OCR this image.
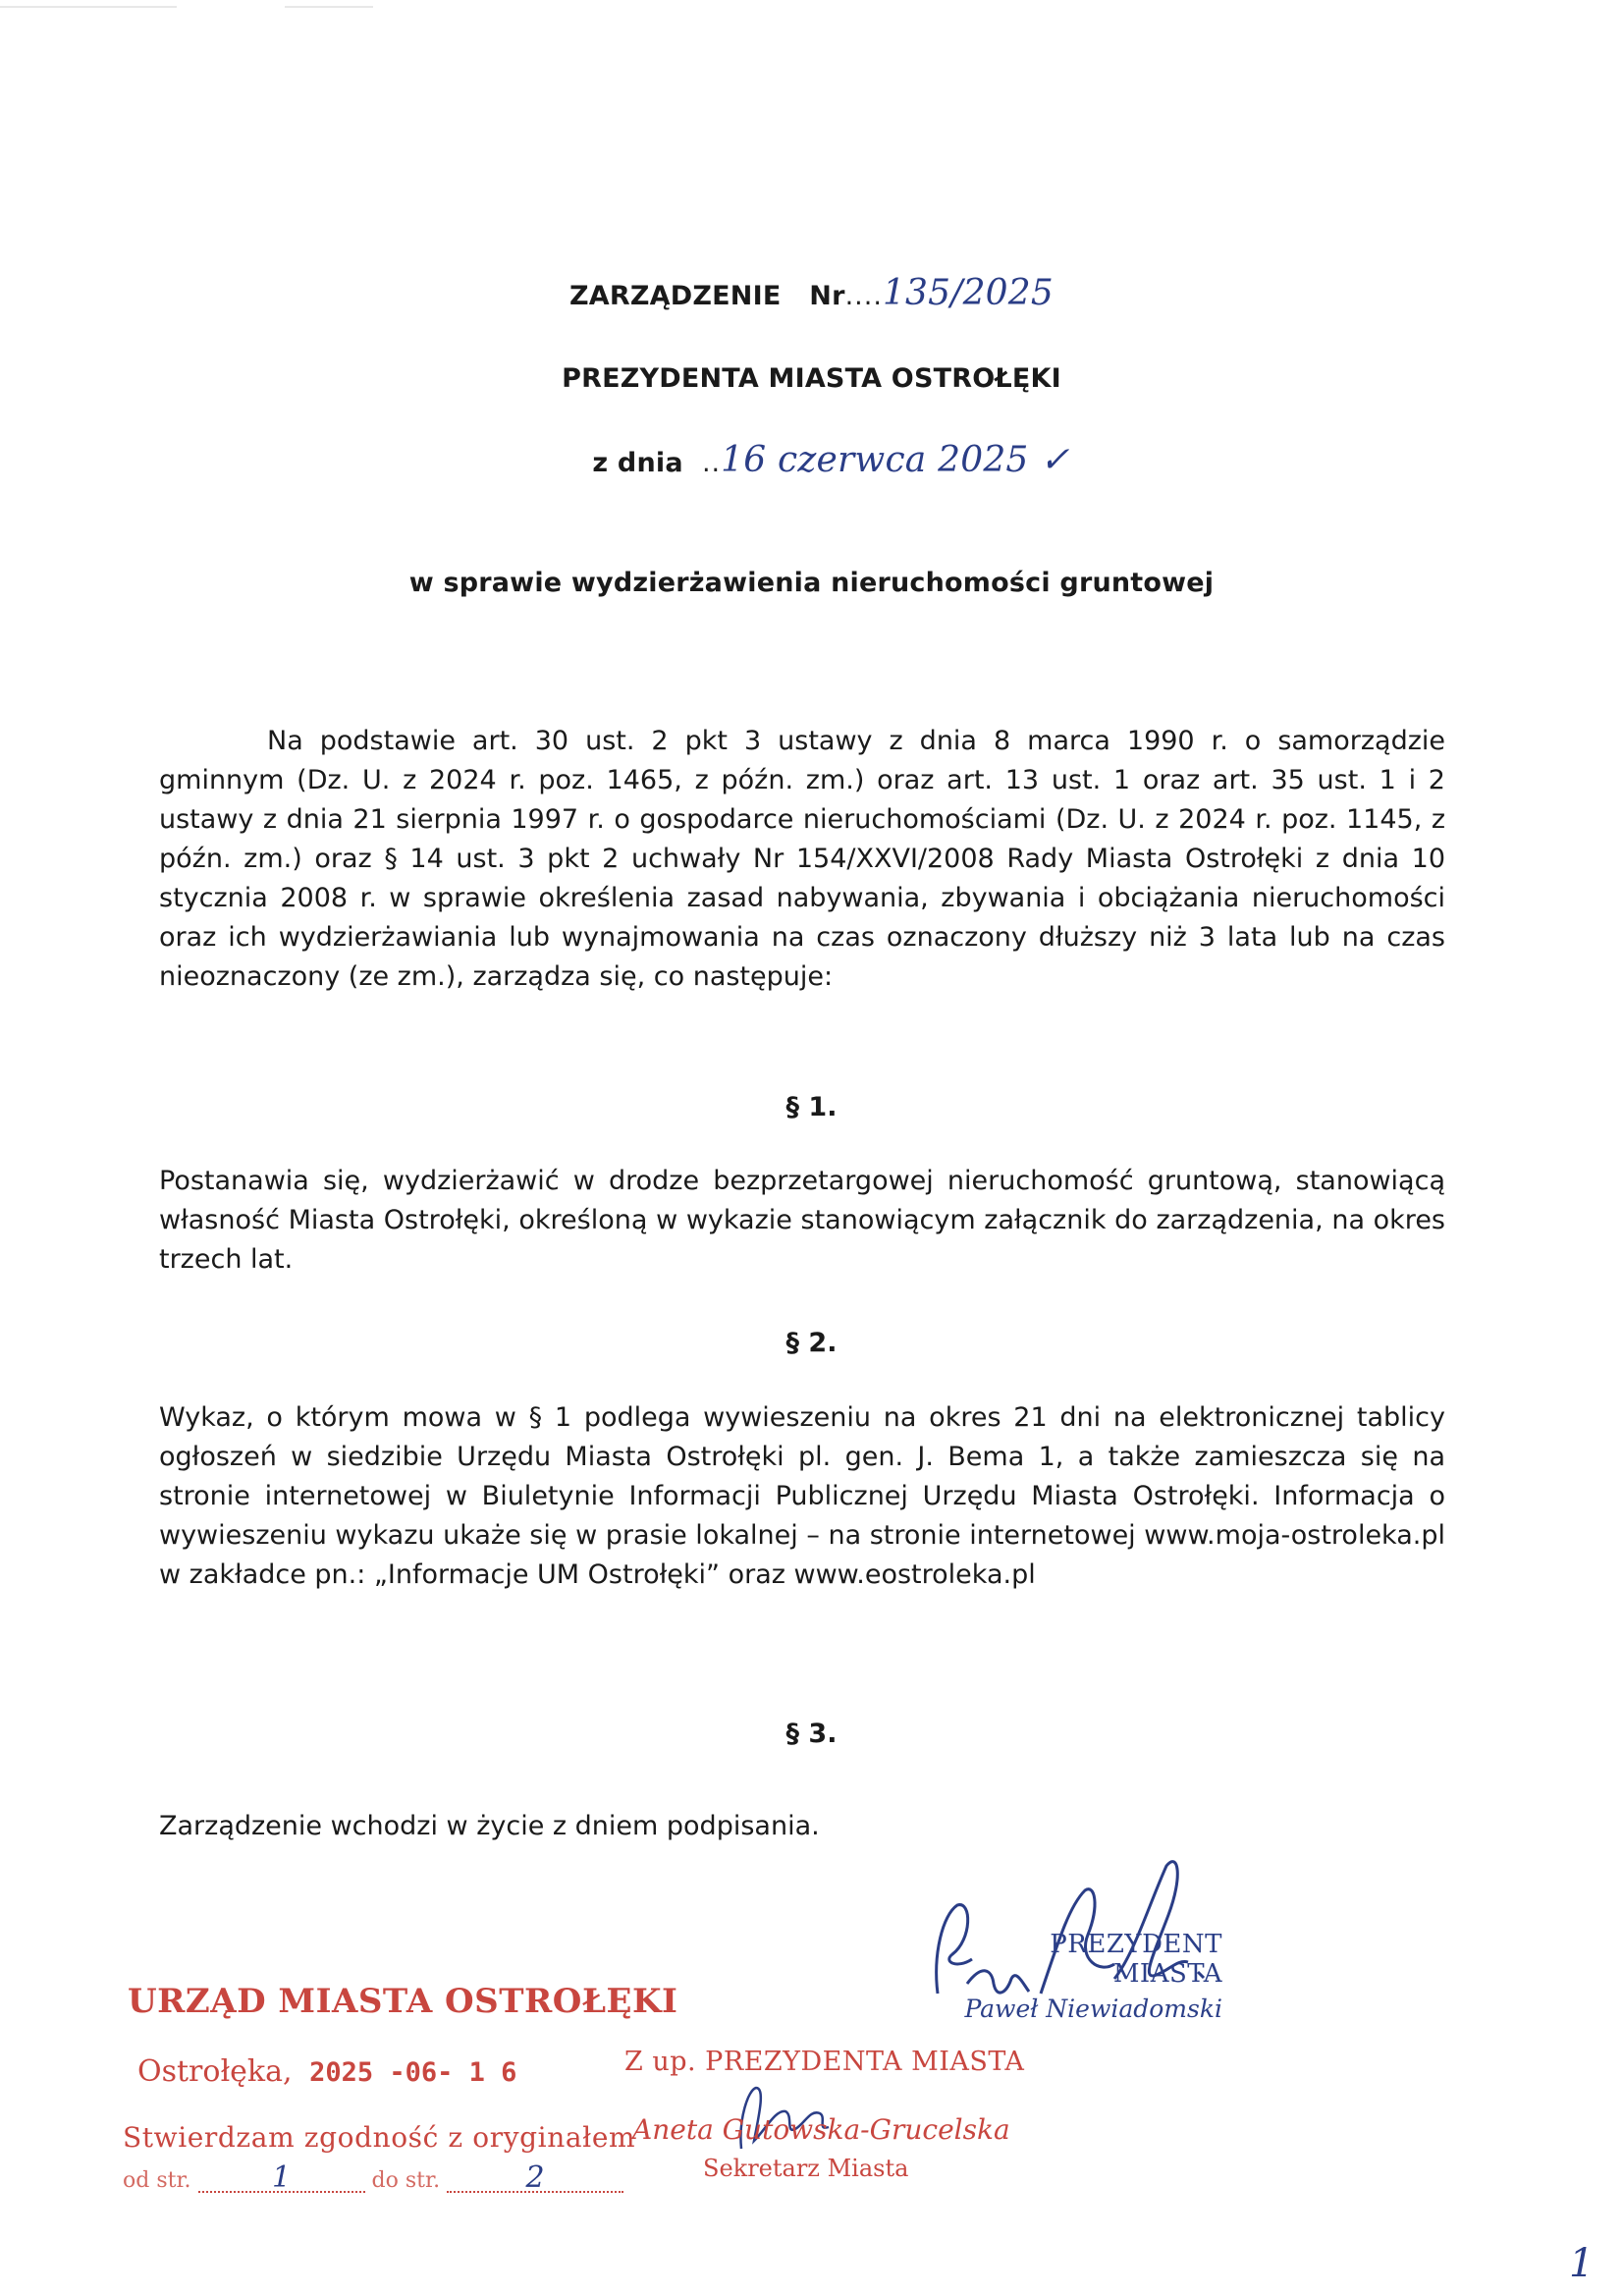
ZARZĄDZENIE Nr....135/2025
PREZYDENTA MIASTA OSTROŁĘKI
z dnia ..16 czerwca 2025 ✓
w sprawie wydzierżawienia nieruchomości gruntowej
Na podstawie art. 30 ust. 2 pkt 3 ustawy z dnia 8 marca 1990 r. o samorządzie gminnym (Dz. U. z 2024 r. poz. 1465, z późn. zm.) oraz art. 13 ust. 1 oraz art. 35 ust. 1 i 2 ustawy z dnia 21 sierpnia 1997 r. o gospodarce nieruchomościami (Dz. U. z 2024 r. poz. 1145, z późn. zm.) oraz § 14 ust. 3 pkt 2 uchwały Nr 154/XXVI/2008 Rady Miasta Ostrołęki z dnia 10 stycznia 2008 r. w sprawie określenia zasad nabywania, zbywania i obciążania nieruchomości oraz ich wydzierżawiania lub wynajmowania na czas oznaczony dłuższy niż 3 lata lub na czas nieoznaczony (ze zm.), zarządza się, co następuje:
§ 1.
Postanawia się, wydzierżawić w drodze bezprzetargowej nieruchomość gruntową, stanowiącą własność Miasta Ostrołęki, określoną w wykazie stanowiącym załącznik do zarządzenia, na okres trzech lat.
§ 2.
Wykaz, o którym mowa w § 1 podlega wywieszeniu na okres 21 dni na elektronicznej tablicy ogłoszeń w siedzibie Urzędu Miasta Ostrołęki pl. gen. J. Bema 1, a także zamieszcza się na stronie internetowej w Biuletynie Informacji Publicznej Urzędu Miasta Ostrołęki. Informacja o wywieszeniu wykazu ukaże się w prasie lokalnej – na stronie internetowej www.moja-ostroleka.pl w zakładce pn.: „Informacje UM Ostrołęki” oraz www.eostroleka.pl
§ 3.
Zarządzenie wchodzi w życie z dniem podpisania.
PREZYDENT MIASTA
Paweł Niewiadomski
URZĄD MIASTA OSTROŁĘKI
Ostrołęka, 2025 -06- 1 6
Stwierdzam zgodność z oryginałem
od str.	1	do str.	2
Z up. PREZYDENTA MIASTA
Aneta Gutowska-Grucelska
Sekretarz Miasta
1
